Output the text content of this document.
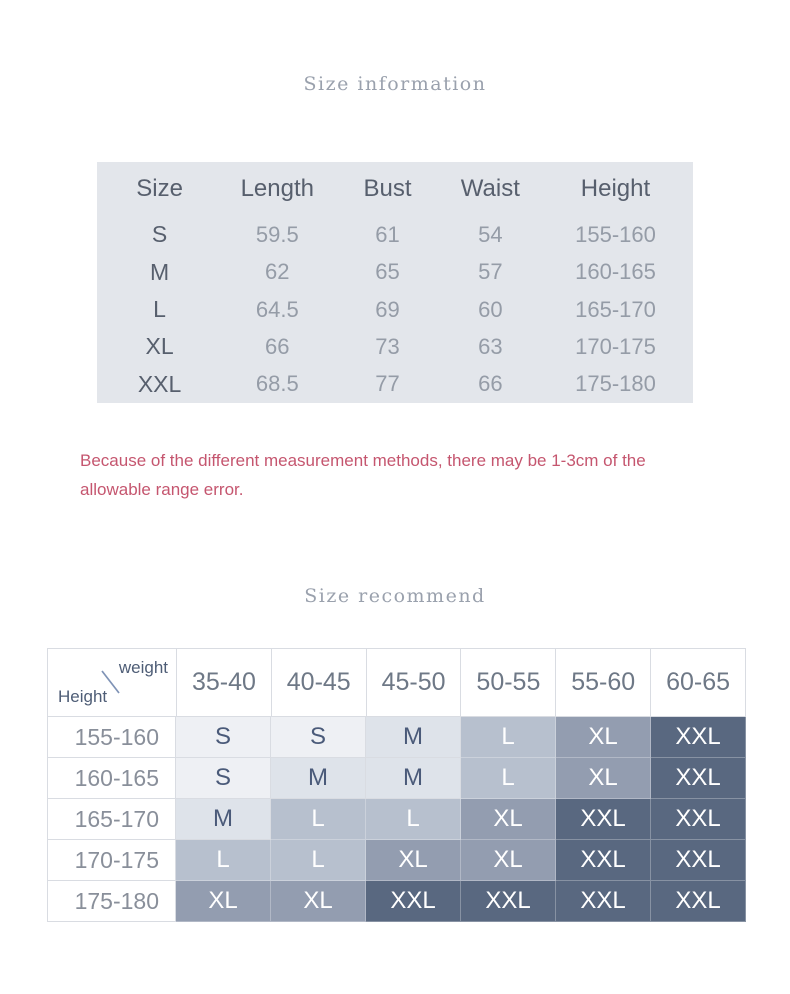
Size information
Size	Length	Bust	Waist	Height
S	59.5	61	54	155-160
M	62	65	57	160-165
L	64.5	69	60	165-170
XL	66	73	63	170-175
XXL	68.5	77	66	175-180

Because of the different measurement methods, there may be 1-3cm of the
allowable range error.

Size recommend
weight
Height
35-40	40-45	45-50	50-55	55-60	60-65
155-160	S	S	M	L	XL	XXL
160-165	S	M	M	L	XL	XXL
165-170	M	L	L	XL	XXL	XXL
170-175	L	L	XL	XL	XXL	XXL
175-180	XL	XL	XXL	XXL	XXL	XXL
